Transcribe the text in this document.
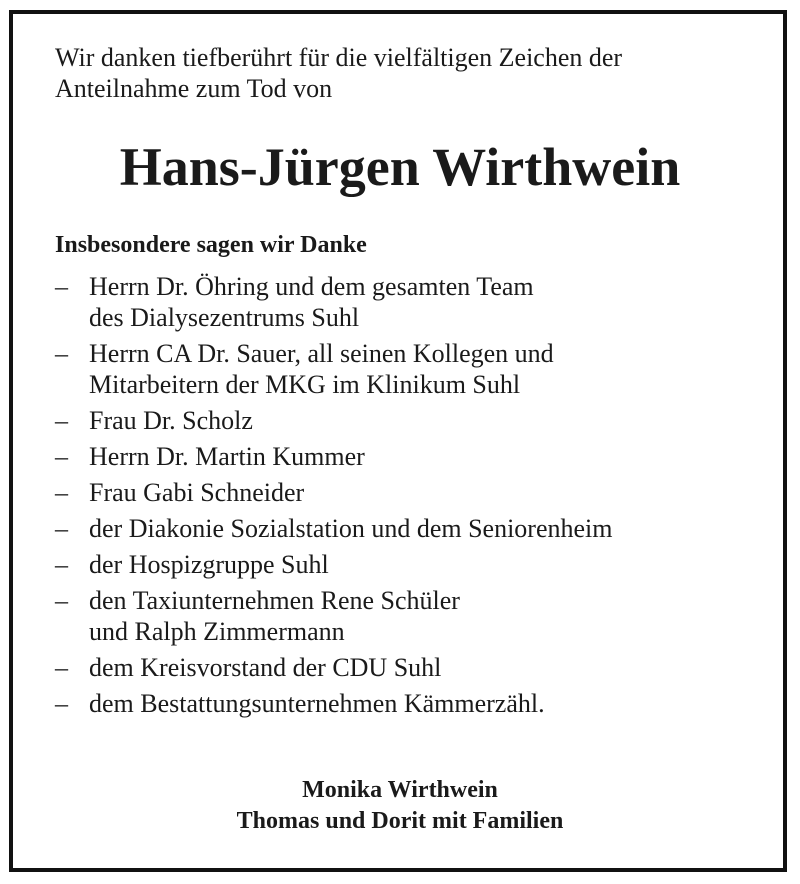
Wir danken tiefberührt für die vielfältigen Zeichen der
Anteilnahme zum Tod von

Hans-Jürgen Wirthwein
Insbesondere sagen wir Danke
– Herrn Dr. Öhring und dem gesamten Team
des Dialysezentrums Suhl
– Herrn CA Dr. Sauer, all seinen Kollegen und
Mitarbeitern der MKG im Klinikum Suhl
– Frau Dr. Scholz
– Herrn Dr. Martin Kummer
– Frau Gabi Schneider
– der Diakonie Sozialstation und dem Seniorenheim
– der Hospizgruppe Suhl
– den Taxiunternehmen Rene Schüler
und Ralph Zimmermann
– dem Kreisvorstand der CDU Suhl
– dem Bestattungsunternehmen Kämmerzähl.
Monika Wirthwein
Thomas und Dorit mit Familien
